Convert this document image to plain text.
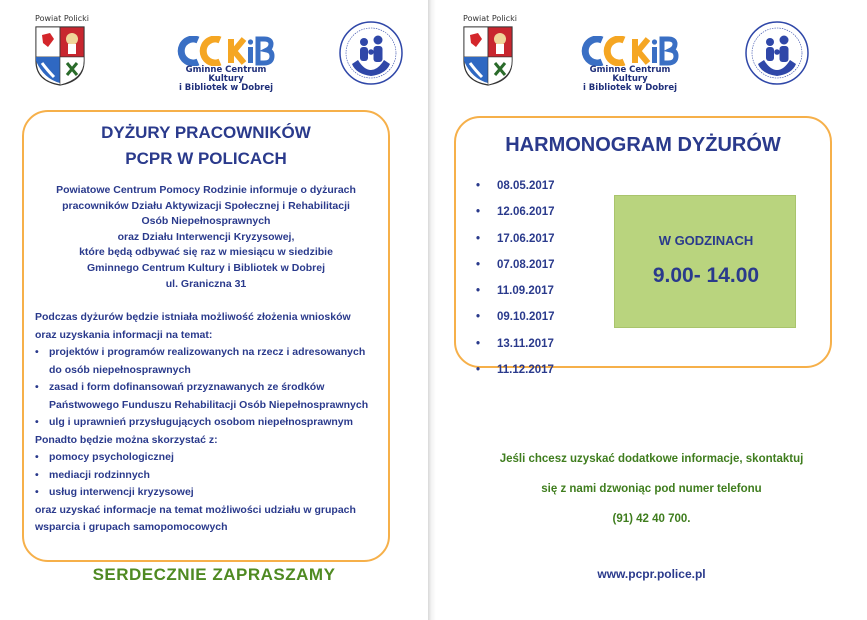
Powiat Policki
Gminne Centrum Kultury
i Bibliotek w Dobrej
DYŻURY PRACOWNIKÓW
PCPR W POLICACH
Powiatowe Centrum Pomocy Rodzinie informuje o dyżurach
pracowników Działu Aktywizacji Społecznej i Rehabilitacji
Osób Niepełnosprawnych
oraz Działu Interwencji Kryzysowej,
które będą odbywać się raz w miesiącu w siedzibie
Gminnego Centrum Kultury i Bibliotek w Dobrej
ul. Graniczna 31
Podczas dyżurów będzie istniała możliwość złożenia wniosków
oraz uzyskania informacji na temat:
• projektów i programów realizowanych na rzecz i adresowanych
do osób niepełnosprawnych
• zasad i form dofinansowań przyznawanych ze środków
Państwowego Funduszu Rehabilitacji Osób Niepełnosprawnych
• ulg i uprawnień przysługujących osobom niepełnosprawnym
Ponadto będzie można skorzystać z:
• pomocy psychologicznej
• mediacji rodzinnych
• usług interwencji kryzysowej
oraz uzyskać informacje na temat możliwości udziału w grupach
wsparcia i grupach samopomocowych
SERDECZNIE ZAPRASZAMY
Powiat Policki
Gminne Centrum Kultury
i Bibliotek w Dobrej
HARMONOGRAM DYŻURÓW
• 08.05.2017
• 12.06.2017
• 17.06.2017
• 07.08.2017
• 11.09.2017
• 09.10.2017
• 13.11.2017
• 11.12.2017
W GODZINACH
9.00- 14.00
Jeśli chcesz uzyskać dodatkowe informacje, skontaktuj
się z nami dzwoniąc pod numer telefonu
(91) 42 40 700.
www.pcpr.police.pl
